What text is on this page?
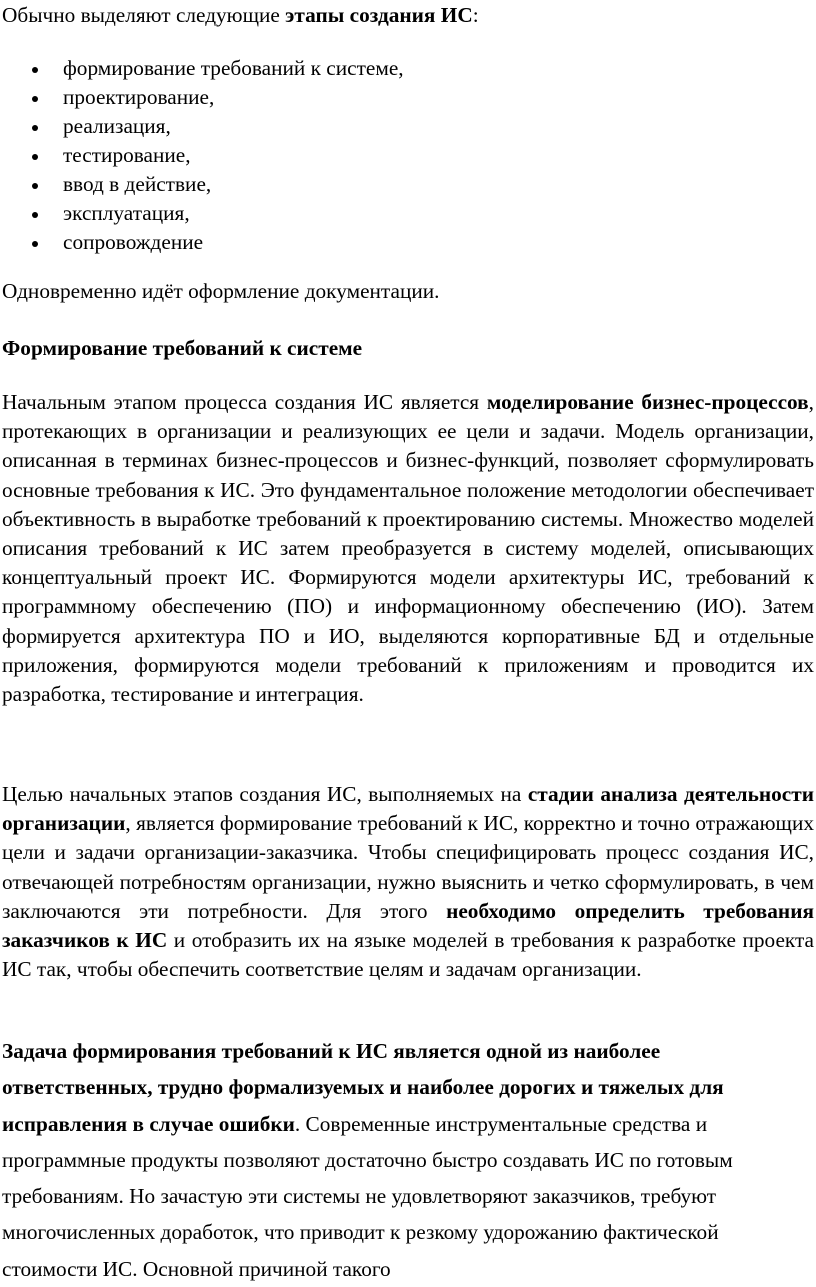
Обычно выделяют следующие этапы создания ИС:

формирование требований к системе,
проектирование,
реализация,
тестирование,
ввод в действие,
эксплуатация,
сопровождение

Одновременно идёт оформление документации.

Формирование требований к системе

Начальным этапом процесса создания ИС является моделирование бизнес-процессов, протекающих в организации и реализующих ее цели и задачи. Модель организации, описанная в терминах бизнес-процессов и бизнес-функций, позволяет сформулировать основные требования к ИС. Это фундаментальное положение методологии обеспечивает объективность в выработке требований к проектированию системы. Множество моделей описания требований к ИС затем преобразуется в систему моделей, описывающих концептуальный проект ИС. Формируются модели архитектуры ИС, требований к программному обеспечению (ПО) и информационному обеспечению (ИО). Затем формируется архитектура ПО и ИО, выделяются корпоративные БД и отдельные приложения, формируются модели требований к приложениям и проводится их разработка, тестирование и интеграция.

Целью начальных этапов создания ИС, выполняемых на стадии анализа деятельности организации, является формирование требований к ИС, корректно и точно отражающих цели и задачи организации-заказчика. Чтобы специфицировать процесс создания ИС, отвечающей потребностям организации, нужно выяснить и четко сформулировать, в чем заключаются эти потребности. Для этого необходимо определить требования заказчиков к ИС и отобразить их на языке моделей в требования к разработке проекта ИС так, чтобы обеспечить соответствие целям и задачам организации.

Задача формирования требований к ИС является одной из наиболее ответственных, трудно формализуемых и наиболее дорогих и тяжелых для исправления в случае ошибки. Современные инструментальные средства и программные продукты позволяют достаточно быстро создавать ИС по готовым требованиям. Но зачастую эти системы не удовлетворяют заказчиков, требуют многочисленных доработок, что приводит к резкому удорожанию фактической стоимости ИС. Основной причиной такого
